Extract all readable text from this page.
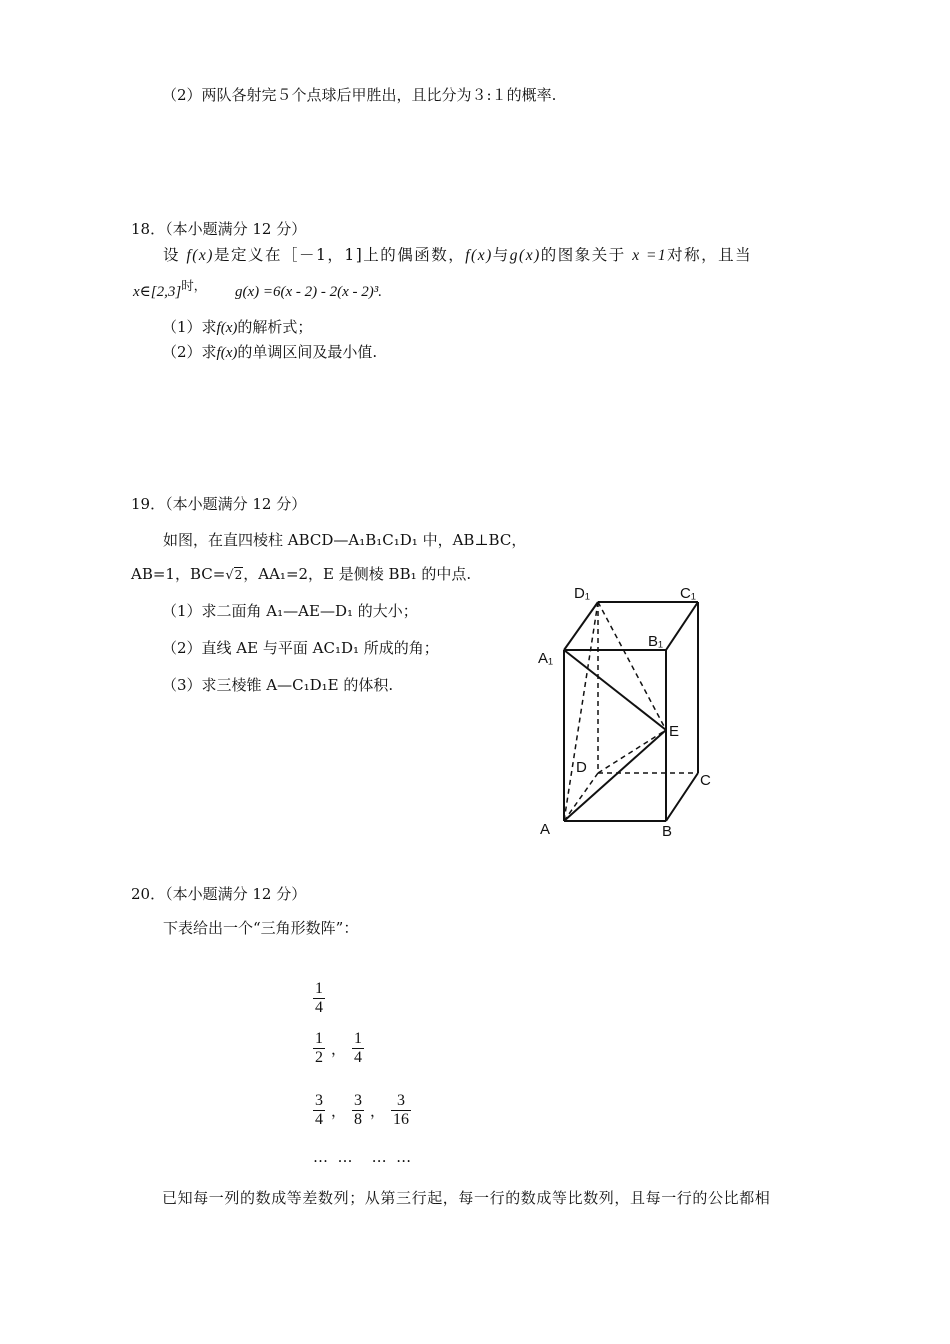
（2）两队各射完５个点球后甲胜出，且比分为３:１的概率.
18．（本小题满分 12 分）
设 f(x)是定义在［－1，1]上的偶函数，f(x)与g(x)的图象关于 x =1对称，且当
$x\in[2,3]^{时,}$ g(x) =6(x - 2) - 2(x - 2)³.
（1）求f(x)的解析式；
（2）求f(x)的单调区间及最小值.
19．（本小题满分 12 分）
如图，在直四棱柱 ABCD—A₁B₁C₁D₁ 中，AB⊥BC，
AB=1，BC=√2，AA₁=2，E 是侧棱 BB₁ 的中点.
（1）求二面角 A₁—AE—D₁ 的大小；
（2）直线 AE 与平面 AC₁D₁ 所成的角；
（3）求三棱锥 A—C₁D₁E 的体积.
D₁	C₁
B₁
A₁
E
D
C
A	B
20．（本小题满分 12 分）
下表给出一个“三角形数阵”：
$\frac{1}{4}$
$\frac{1}{2}$ ， $\frac{1}{4}$
$\frac{3}{4}$ ， $\frac{3}{8}$ ， $\frac{3}{16}$
…  …    …  …
已知每一列的数成等差数列；从第三行起，每一行的数成等比数列，且每一行的公比都相
